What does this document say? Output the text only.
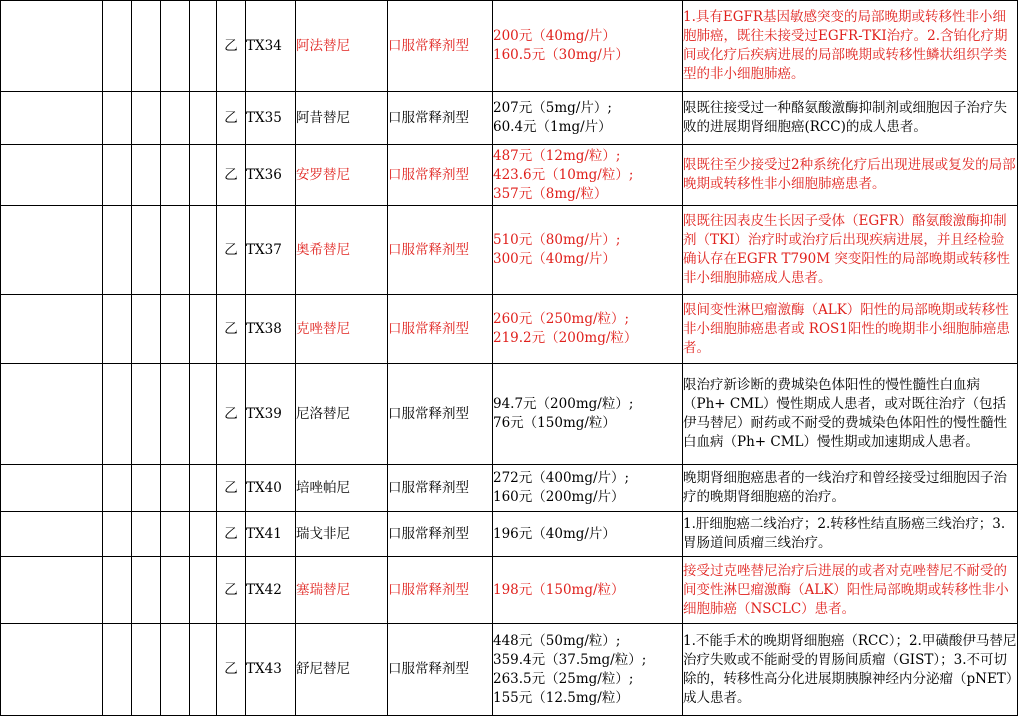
					乙	TX34	阿法替尼	口服常释剂型	200元（40mg/片）
160.5元（30mg/片）	1.具有EGFR基因敏感突变的局部晚期或转移性非小细胞肺癌，既往未接受过EGFR-TKI治疗。2.含铂化疗期间或化疗后疾病进展的局部晚期或转移性鳞状组织学类型的非小细胞肺癌。
					乙	TX35	阿昔替尼	口服常释剂型	207元（5mg/片）;
60.4元（1mg/片）	限既往接受过一种酪氨酸激酶抑制剂或细胞因子治疗失败的进展期肾细胞癌(RCC)的成人患者。
					乙	TX36	安罗替尼	口服常释剂型	487元（12mg/粒）;
423.6元（10mg/粒）;
357元（8mg/粒）	限既往至少接受过2种系统化疗后出现进展或复发的局部晚期或转移性非小细胞肺癌患者。
					乙	TX37	奥希替尼	口服常释剂型	510元（80mg/片）;
300元（40mg/片）	限既往因表皮生长因子受体（EGFR）酪氨酸激酶抑制剂（TKI）治疗时或治疗后出现疾病进展，并且经检验确认存在EGFR T790M 突变阳性的局部晚期或转移性非小细胞肺癌成人患者。
					乙	TX38	克唑替尼	口服常释剂型	260元（250mg/粒）;
219.2元（200mg/粒）	限间变性淋巴瘤激酶（ALK）阳性的局部晚期或转移性非小细胞肺癌患者或 ROS1阳性的晚期非小细胞肺癌患者。
					乙	TX39	尼洛替尼	口服常释剂型	94.7元（200mg/粒）;
76元（150mg/粒）	限治疗新诊断的费城染色体阳性的慢性髓性白血病（Ph+ CML）慢性期成人患者，或对既往治疗（包括伊马替尼）耐药或不耐受的费城染色体阳性的慢性髓性白血病（Ph+ CML）慢性期或加速期成人患者。
					乙	TX40	培唑帕尼	口服常释剂型	272元（400mg/片）;
160元（200mg/片）	晚期肾细胞癌患者的一线治疗和曾经接受过细胞因子治疗的晚期肾细胞癌的治疗。
					乙	TX41	瑞戈非尼	口服常释剂型	196元（40mg/片）	1.肝细胞癌二线治疗；2.转移性结直肠癌三线治疗；3.胃肠道间质瘤三线治疗。
					乙	TX42	塞瑞替尼	口服常释剂型	198元（150mg/粒）	接受过克唑替尼治疗后进展的或者对克唑替尼不耐受的间变性淋巴瘤激酶（ALK）阳性局部晚期或转移性非小细胞肺癌（NSCLC）患者。
					乙	TX43	舒尼替尼	口服常释剂型	448元（50mg/粒）;
359.4元（37.5mg/粒）;
263.5元（25mg/粒）;
155元（12.5mg/粒）	1.不能手术的晚期肾细胞癌（RCC）；2.甲磺酸伊马替尼治疗失败或不能耐受的胃肠间质瘤（GIST）；3.不可切除的，转移性高分化进展期胰腺神经内分泌瘤（pNET）成人患者。
